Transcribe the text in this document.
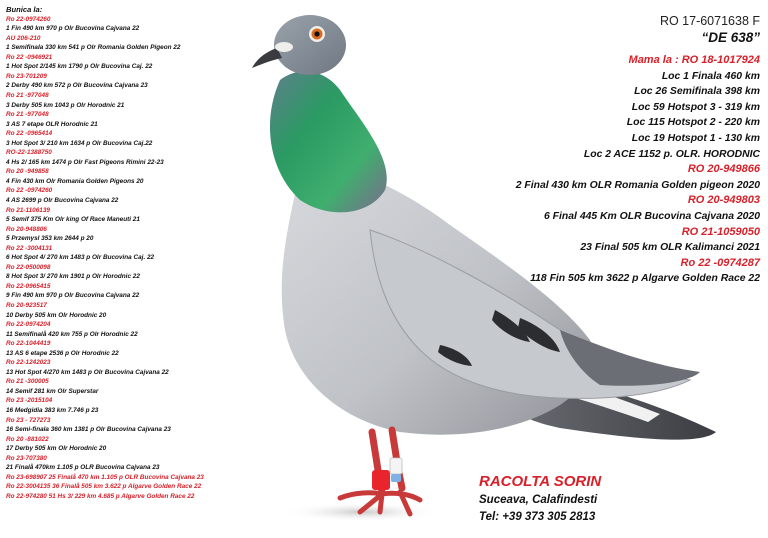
Bunica la:
Ro 22-0974260
1 Fin 490 km 970 p Olr Bucovina Cajvana 22
AU 206-210
1 Semifinala 330 km 541 p Olr Romania Golden Pigeon 22
Ro 22 -0946921
1 Hot Spot 2/145 km 1790 p Olr Bucovina Caj. 22
Ro 23-701209
2 Derby 490 km 572 p Olr Bucovina Cajvana 23
Ro 21 -977048
3 Derby 505 km 1043 p Olr Horodnic 21
Ro 21 -977048
3 AS 7 etape OLR Horodnic 21
Ro 22 -0965414
3 Hot Spot 3/ 210 km 1634 p Olr Bucovina Caj.22
RO-22-1388750
4 Hs 2/ 165 km 1474 p Olr Fast Pigeons Rimini 22-23
Ro 20 -949858
4 Fin 430 km Olr Romania Golden Pigeons 20
Ro 22 -0974260
4 AS 2699 p Olr Bucovina Cajvana 22
Ro 21-1106139
5 Semif 375 Km Olr king Of Race Maneuti 21
Ro 20-948806
5 Przemysl 353 km 2644 p 20
Ro 22 -3004131
6 Hot Spot 4/ 270 km 1483 p Olr Bucovina Caj. 22
Ro 22-0500098
8 Hot Spot 3/ 270 km 1901 p Olr Horodnic 22
Ro 22-0965415
9 Fin 490 km 970 p Olr Bucovina Cajvana 22
Ro 20-923517
10 Derby 505 km Olr Horodnic 20
Ro 22-0974204
11 Semifinalå 420 km 755 p Olr Horodnic 22
Ro 22-1044419
13 AS 6 etape 2536 p Olr Horodnic 22
Ro 22-1242023
13 Hot Spot 4/270 km 1483 p Olr Bucovina Cajvana 22
Ro 21 -300005
14 Semif 281 km Olr Superstar
Ro 23 -2015104
16 Medgidia 383 km 7.746 p 23
Ro 23 - 727273
16 Semi-finala 360 km 1381 p Olr Bucovina Cajvana 23
Ro 20 -881022
17 Derby 505 km Olr Horodnic 20
Ro 23-707380
21 Finalå 470km 1.105 p OLR Bucovina Cajvana 23
Ro 23-698907 25 Finalå 470 km 1.105 p OLR Bucovina Cajvana 23
Ro 22-3004135 36 Finalå 505 km 3.622 p Algarve Golden Race 22
Ro 22-974280 51 Hs 3/ 229 km 4.685 p Algarve Golden Race 22
RO 17-6071638 F
“DE 638”
Mama la : RO 18-1017924
Loc 1 Finala 460 km
Loc 26 Semifinala 398 km
Loc 59 Hotspot 3 - 319 km
Loc 115 Hotspot 2 - 220 km
Loc 19 Hotspot 1 - 130 km
Loc 2 ACE 1152 p. OLR. HORODNIC
RO 20-949866
2 Final 430 km OLR Romania Golden pigeon 2020
RO 20-949803
6 Final 445 Km OLR Bucovina Cajvana 2020
RO 21-1059050
23 Final 505 km OLR Kalimanci 2021
Ro 22 -0974287
118 Fin 505 km 3622 p Algarve Golden Race 22
RACOLTA SORIN
Suceava, Calafindesti
Tel: +39 373 305 2813
